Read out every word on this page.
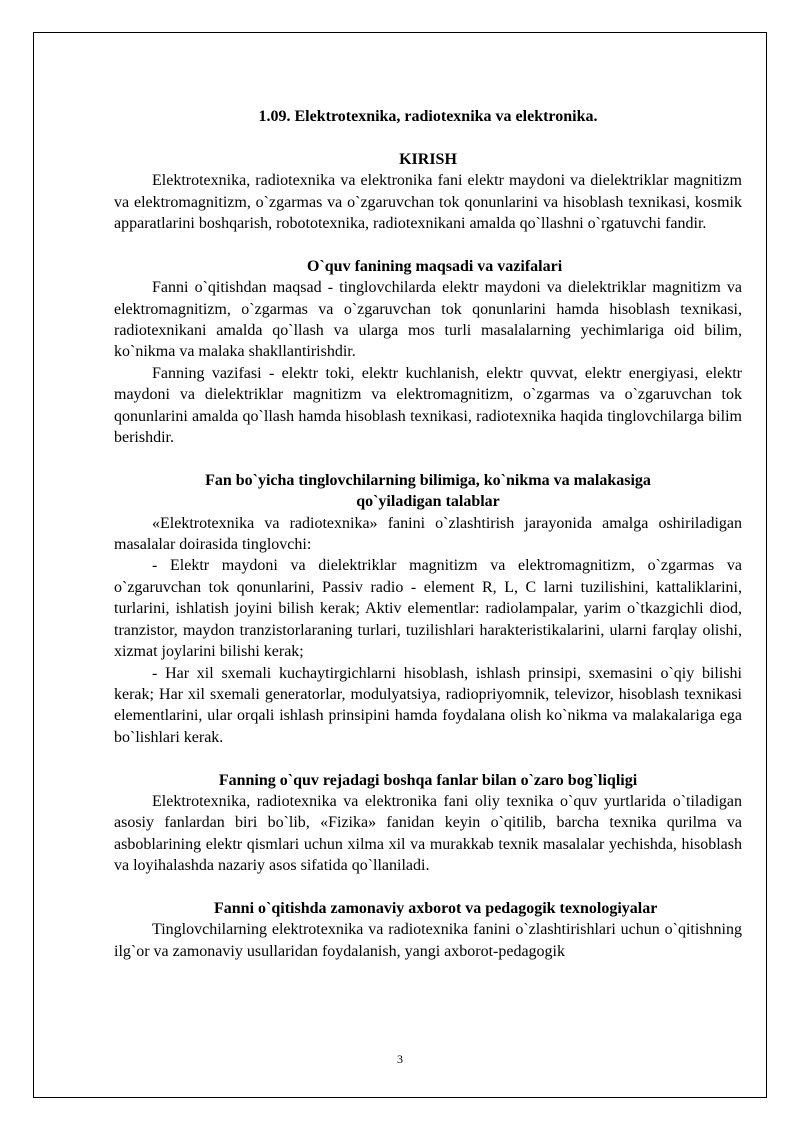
1.09. Elektrotexnika, radiotexnika va elektronika.
KIRISH

Elektrotexnika, radiotexnika va elektronika fani elektr maydoni va dielektriklar magnitizm va elektromagnitizm, o`zgarmas va o`zgaruvchan tok qonunlarini va hisoblash texnikasi, kosmik apparatlarini boshqarish, robototexnika, radiotexnikani amalda qo`llashni o`rgatuvchi fandir.

O`quv fanining maqsadi va vazifalari

Fanni o`qitishdan maqsad - tinglovchilarda elektr maydoni va dielektriklar magnitizm va elektromagnitizm, o`zgarmas va o`zgaruvchan tok qonunlarini hamda hisoblash texnikasi, radiotexnikani amalda qo`llash va ularga mos turli masalalarning yechimlariga oid bilim, ko`nikma va malaka shakllantirishdir.

Fanning vazifasi - elektr toki, elektr kuchlanish, elektr quvvat, elektr energiyasi, elektr maydoni va dielektriklar magnitizm va elektromagnitizm, o`zgarmas va o`zgaruvchan tok qonunlarini amalda qo`llash hamda hisoblash texnikasi, radiotexnika haqida tinglovchilarga bilim berishdir.

Fan bo`yicha tinglovchilarning bilimiga, ko`nikma va malakasiga
qo`yiladigan talablar

«Elektrotexnika va radiotexnika» fanini o`zlashtirish jarayonida amalga oshiriladigan masalalar doirasida tinglovchi:

- Elektr maydoni va dielektriklar magnitizm va elektromagnitizm, o`zgarmas va o`zgaruvchan tok qonunlarini, Passiv radio - element R, L, C larni tuzilishini, kattaliklarini, turlarini, ishlatish joyini bilish kerak; Aktiv elementlar: radiolampalar, yarim o`tkazgichli diod, tranzistor, maydon tranzistorlaraning turlari, tuzilishlari harakteristikalarini, ularni farqlay olishi, xizmat joylarini bilishi kerak;

- Har xil sxemali kuchaytirgichlarni hisoblash, ishlash prinsipi, sxemasini o`qiy bilishi kerak; Har xil sxemali generatorlar, modulyatsiya, radiopriyomnik, televizor, hisoblash texnikasi elementlarini, ular orqali ishlash prinsipini hamda foydalana olish ko`nikma va malakalariga ega bo`lishlari kerak.

Fanning o`quv rejadagi boshqa fanlar bilan o`zaro bog`liqligi

Elektrotexnika, radiotexnika va elektronika fani oliy texnika o`quv yurtlarida o`tiladigan asosiy fanlardan biri bo`lib, «Fizika» fanidan keyin o`qitilib, barcha texnika qurilma va asboblarining elektr qismlari uchun xilma xil va murakkab texnik masalalar yechishda, hisoblash va loyihalashda nazariy asos sifatida qo`llaniladi.

Fanni o`qitishda zamonaviy axborot va pedagogik texnologiyalar

Tinglovchilarning elektrotexnika va radiotexnika fanini o`zlashtirishlari uchun o`qitishning ilg`or va zamonaviy usullaridan foydalanish, yangi axborot-pedagogik

3
